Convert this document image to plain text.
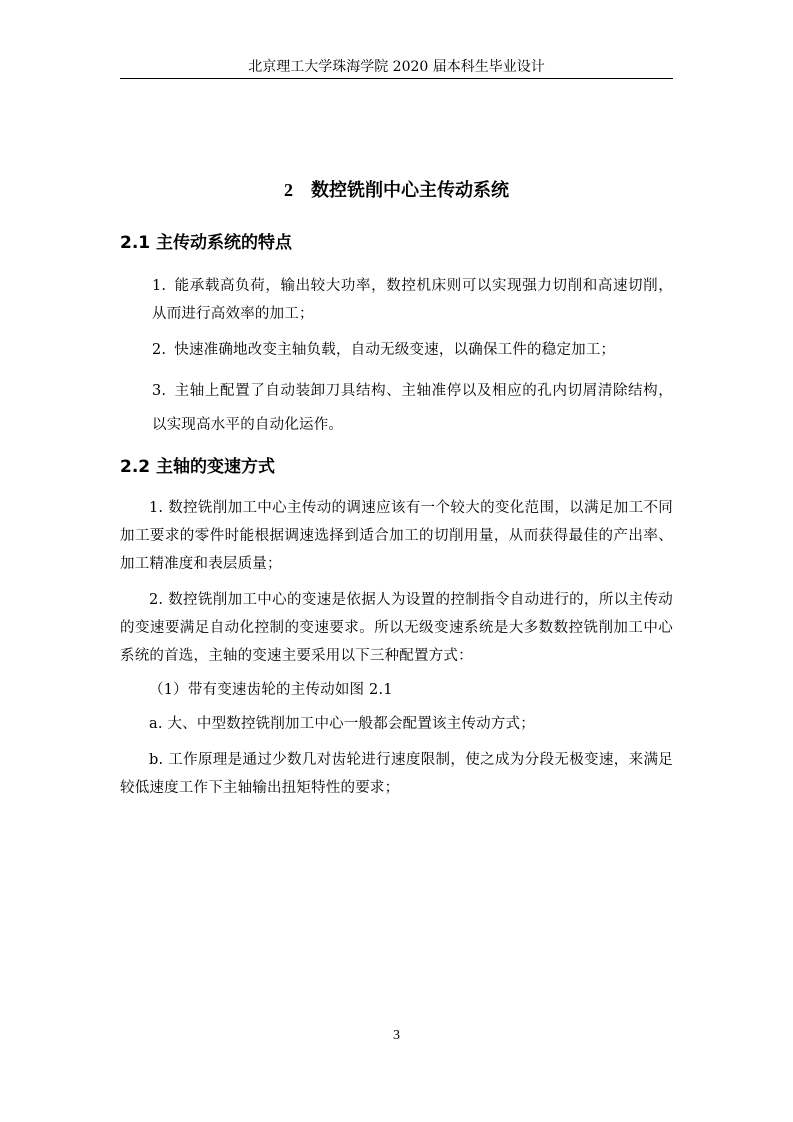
北京理工大学珠海学院 2020 届本科生毕业设计
2 数控铣削中心主传动系统
2.1 主传动系统的特点
1. 能承载高负荷，输出较大功率，数控机床则可以实现强力切削和高速切削，从而进行高效率的加工；
2. 快速准确地改变主轴负载，自动无级变速，以确保工件的稳定加工；
3. 主轴上配置了自动装卸刀具结构、主轴准停以及相应的孔内切屑清除结构，以实现高水平的自动化运作。
2.2 主轴的变速方式
1. 数控铣削加工中心主传动的调速应该有一个较大的变化范围，以满足加工不同加工要求的零件时能根据调速选择到适合加工的切削用量，从而获得最佳的产出率、加工精准度和表层质量；
2. 数控铣削加工中心的变速是依据人为设置的控制指令自动进行的，所以主传动的变速要满足自动化控制的变速要求。所以无级变速系统是大多数数控铣削加工中心系统的首选，主轴的变速主要采用以下三种配置方式：
（1）带有变速齿轮的主传动如图 2.1
a. 大、中型数控铣削加工中心一般都会配置该主传动方式；
b. 工作原理是通过少数几对齿轮进行速度限制，使之成为分段无极变速，来满足较低速度工作下主轴输出扭矩特性的要求；
3
